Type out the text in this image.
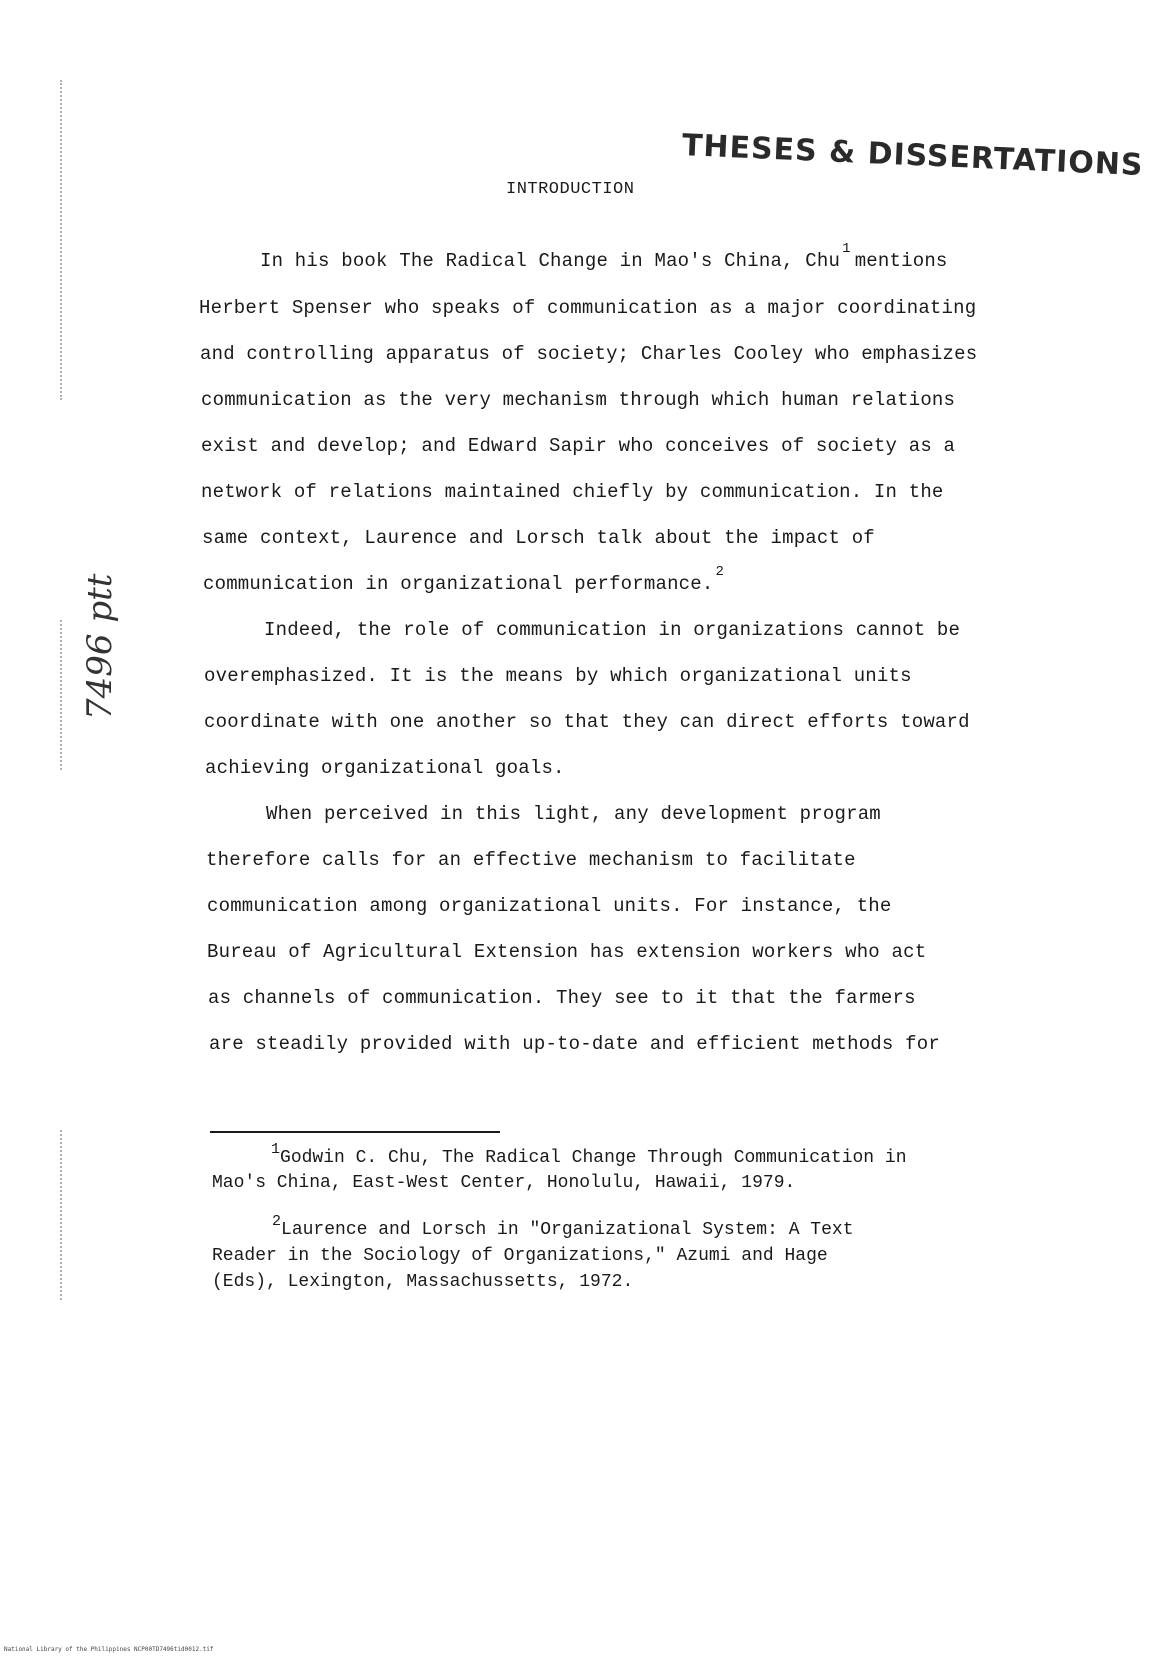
THESES & DISSERTATIONS
INTRODUCTION
7496 ptt
In his book The Radical Change in Mao's China, Chu$^1$mentions
Herbert Spenser who speaks of communication as a major coordinating
and controlling apparatus of society; Charles Cooley who emphasizes
communication as the very mechanism through which human relations
exist and develop; and Edward Sapir who conceives of society as a
network of relations maintained chiefly by communication. In the
same context, Laurence and Lorsch talk about the impact of
communication in organizational performance.$^2$
Indeed, the role of communication in organizations cannot be
overemphasized. It is the means by which organizational units
coordinate with one another so that they can direct efforts toward
achieving organizational goals.
When perceived in this light, any development program
therefore calls for an effective mechanism to facilitate
communication among organizational units. For instance, the
Bureau of Agricultural Extension has extension workers who act
as channels of communication. They see to it that the farmers
are steadily provided with up-to-date and efficient methods for
$^1$Godwin C. Chu, The Radical Change Through Communication in
Mao's China, East-West Center, Honolulu, Hawaii, 1979.
$^2$Laurence and Lorsch in "Organizational System: A Text
Reader in the Sociology of Organizations," Azumi and Hage
(Eds), Lexington, Massachussetts, 1972.
National Library of the Philippines NCP00TD7496tid0012.tif
